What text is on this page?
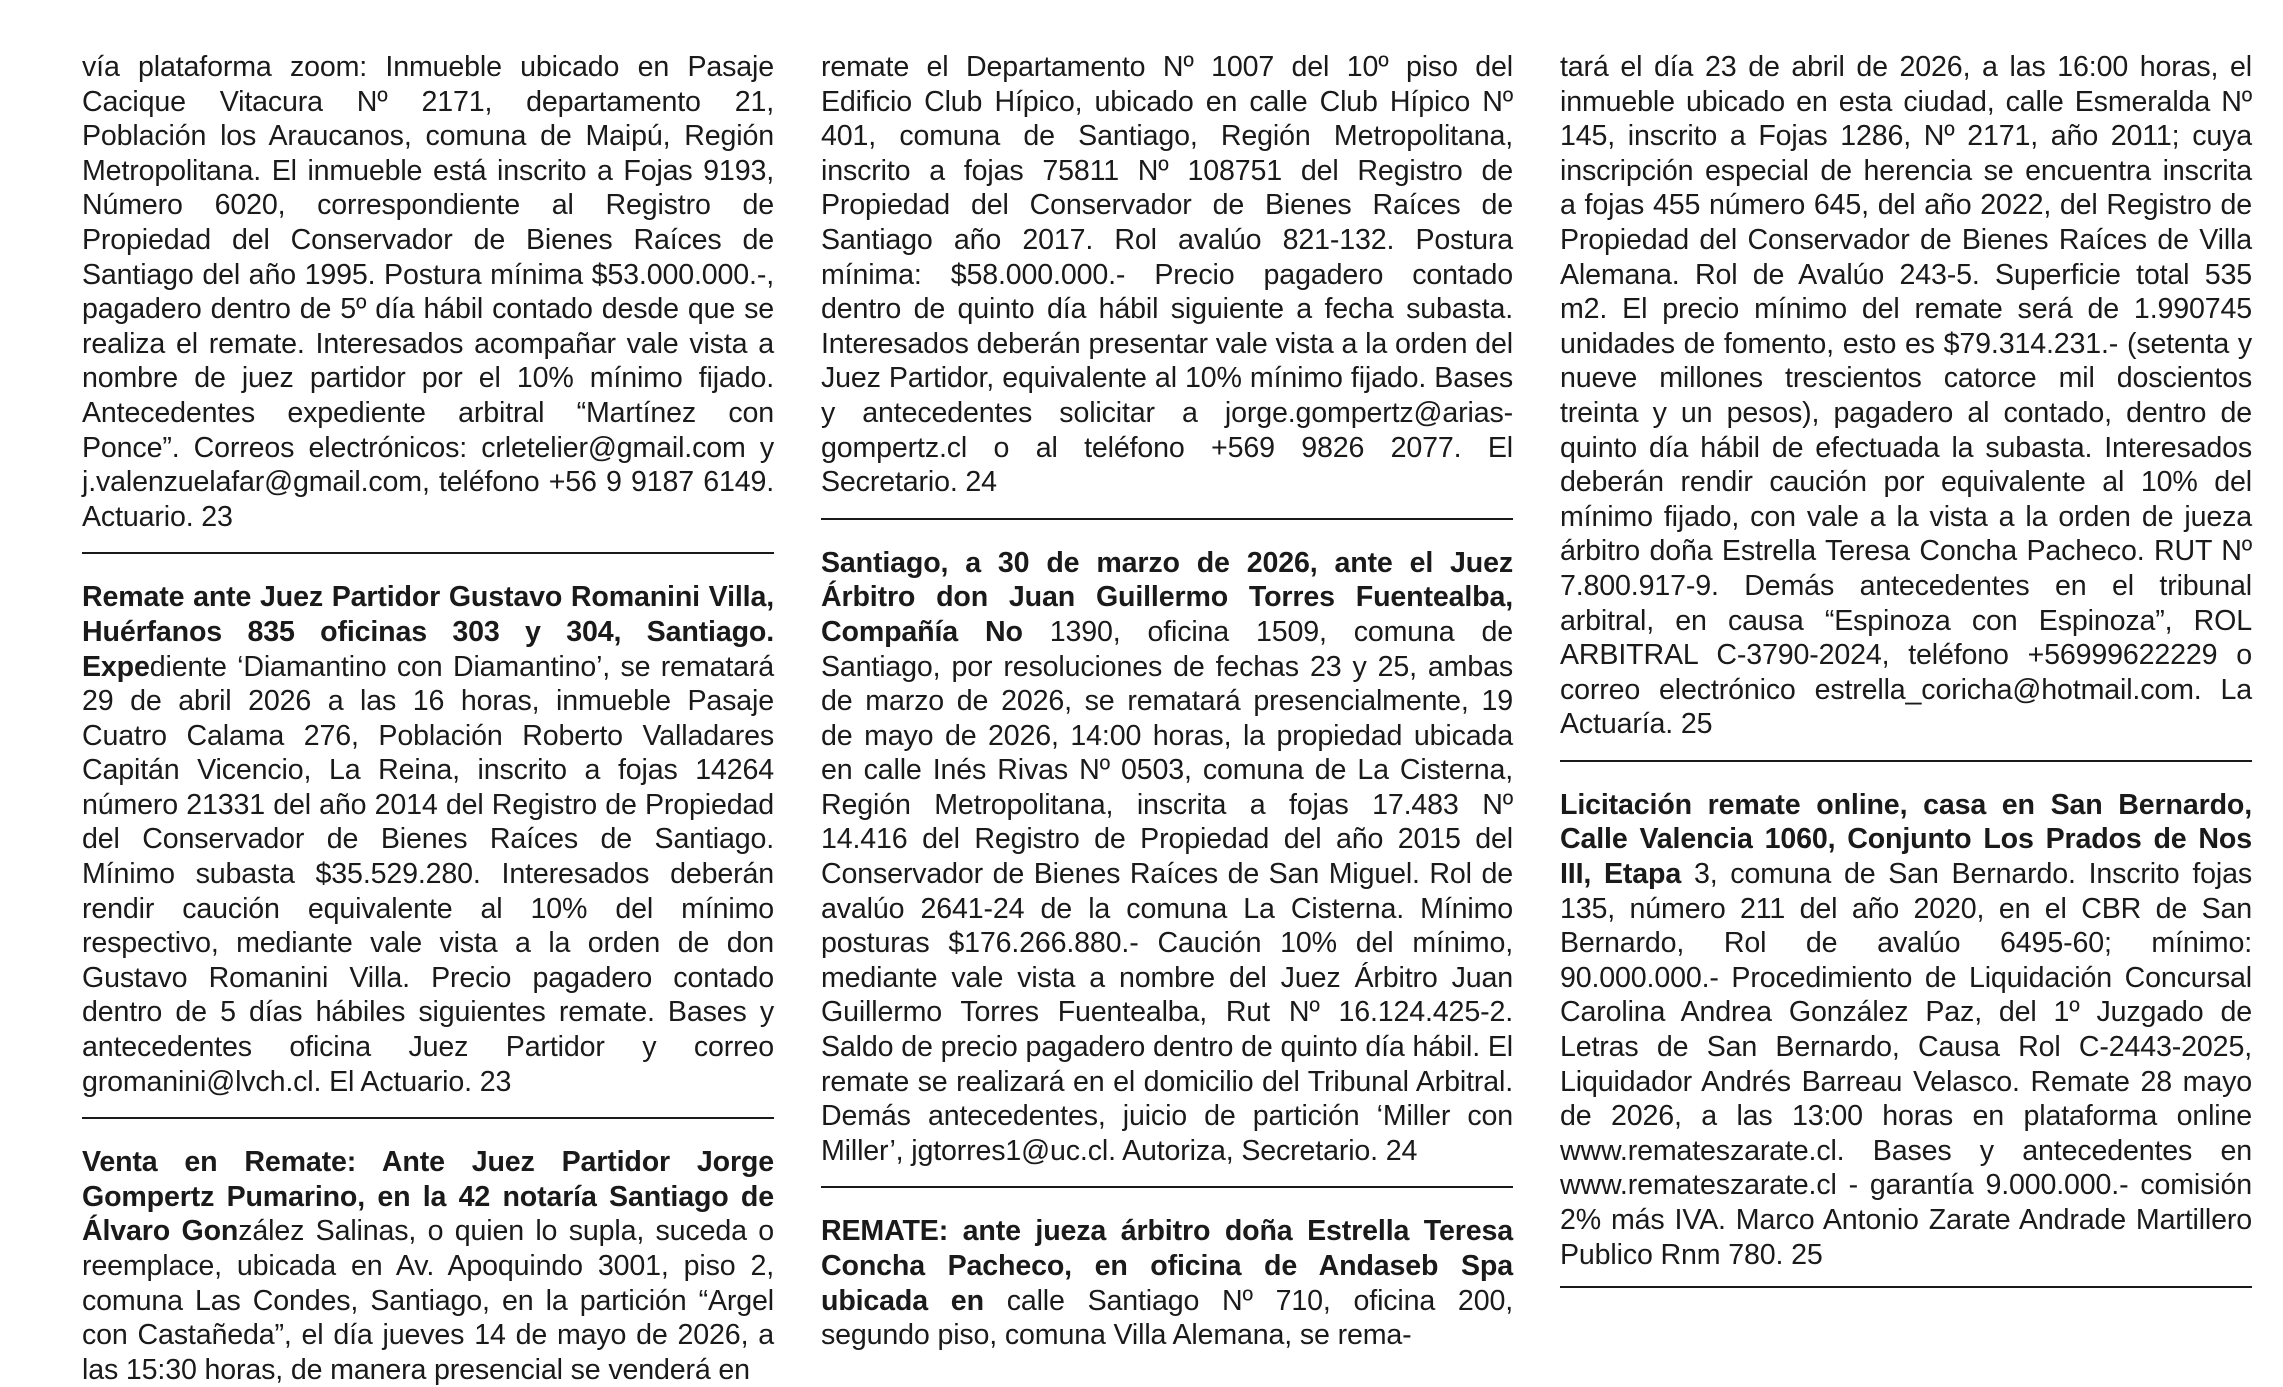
vía plataforma zoom: Inmueble ubicado en Pasaje Cacique Vitacura Nº 2171, departamento 21, Población los Araucanos, comuna de Maipú, Región Metropolitana. El inmueble está inscrito a Fojas 9193, Número 6020, correspondiente al Registro de Propiedad del Conservador de Bienes Raíces de Santiago del año 1995. Postura mínima $53.000.000.-, pagadero dentro de 5º día hábil contado desde que se realiza el remate. Interesados acompañar vale vista a nombre de juez partidor por el 10% mínimo fijado. Antecedentes expediente arbitral “Martínez con Ponce”. Correos electrónicos: crletelier@gmail.com y j.valenzuelafar@gmail.com, teléfono +56 9 9187 6149. Actuario. 23

Remate ante Juez Partidor Gustavo Romanini Villa, Huérfanos 835 oficinas 303 y 304, Santiago. Expediente ‘Diamantino con Diamantino’, se rematará 29 de abril 2026 a las 16 horas, inmueble Pasaje Cuatro Calama 276, Población Roberto Valladares Capitán Vicencio, La Reina, inscrito a fojas 14264 número 21331 del año 2014 del Registro de Propiedad del Conservador de Bienes Raíces de Santiago. Mínimo subasta $35.529.280. Interesados deberán rendir caución equivalente al 10% del mínimo respectivo, mediante vale vista a la orden de don Gustavo Romanini Villa. Precio pagadero contado dentro de 5 días hábiles siguientes remate. Bases y antecedentes oficina Juez Partidor y correo gromanini@lvch.cl. El Actuario. 23

Venta en Remate: Ante Juez Partidor Jorge Gompertz Pumarino, en la 42 notaría Santiago de Álvaro González Salinas, o quien lo supla, suceda o reemplace, ubicada en Av. Apoquindo 3001, piso 2, comuna Las Condes, Santiago, en la partición “Argel con Castañeda”, el día jueves 14 de mayo de 2026, a las 15:30 horas, de manera presencial se venderá en

remate el Departamento Nº 1007 del 10º piso del Edificio Club Hípico, ubicado en calle Club Hípico Nº 401, comuna de Santiago, Región Metropolitana, inscrito a fojas 75811 Nº 108751 del Registro de Propiedad del Conservador de Bienes Raíces de Santiago año 2017. Rol avalúo 821-132. Postura mínima: $58.000.000.- Precio pagadero contado dentro de quinto día hábil siguiente a fecha subasta. Interesados deberán presentar vale vista a la orden del Juez Partidor, equivalente al 10% mínimo fijado. Bases y antecedentes solicitar a jorge.gompertz@arias-gompertz.cl o al teléfono +569 9826 2077. El Secretario. 24

Santiago, a 30 de marzo de 2026, ante el Juez Árbitro don Juan Guillermo Torres Fuentealba, Compañía No 1390, oficina 1509, comuna de Santiago, por resoluciones de fechas 23 y 25, ambas de marzo de 2026, se rematará presencialmente, 19 de mayo de 2026, 14:00 horas, la propiedad ubicada en calle Inés Rivas Nº 0503, comuna de La Cisterna, Región Metropolitana, inscrita a fojas 17.483 Nº 14.416 del Registro de Propiedad del año 2015 del Conservador de Bienes Raíces de San Miguel. Rol de avalúo 2641-24 de la comuna La Cisterna. Mínimo posturas $176.266.880.- Caución 10% del mínimo, mediante vale vista a nombre del Juez Árbitro Juan Guillermo Torres Fuentealba, Rut Nº 16.124.425-2. Saldo de precio pagadero dentro de quinto día hábil. El remate se realizará en el domicilio del Tribunal Arbitral. Demás antecedentes, juicio de partición ‘Miller con Miller’, jgtorres1@uc.cl. Autoriza, Secretario. 24

REMATE: ante jueza árbitro doña Estrella Teresa Concha Pacheco, en oficina de Andaseb Spa ubicada en calle Santiago Nº 710, oficina 200, segundo piso, comuna Villa Alemana, se rema-

tará el día 23 de abril de 2026, a las 16:00 horas, el inmueble ubicado en esta ciudad, calle Esmeralda Nº 145, inscrito a Fojas 1286, Nº 2171, año 2011; cuya inscripción especial de herencia se encuentra inscrita a fojas 455 número 645, del año 2022, del Registro de Propiedad del Conservador de Bienes Raíces de Villa Alemana. Rol de Avalúo 243-5. Superficie total 535 m2. El precio mínimo del remate será de 1.990745 unidades de fomento, esto es $79.314.231.- (setenta y nueve millones trescientos catorce mil doscientos treinta y un pesos), pagadero al contado, dentro de quinto día hábil de efectuada la subasta. Interesados deberán rendir caución por equivalente al 10% del mínimo fijado, con vale a la vista a la orden de jueza árbitro doña Estrella Teresa Concha Pacheco. RUT Nº 7.800.917-9. Demás antecedentes en el tribunal arbitral, en causa “Espinoza con Espinoza”, ROL ARBITRAL C-3790-2024, teléfono +56999622229 o correo electrónico estrella_coricha@hotmail.com. La Actuaría. 25

Licitación remate online, casa en San Bernardo, Calle Valencia 1060, Conjunto Los Prados de Nos III, Etapa 3, comuna de San Bernardo. Inscrito fojas 135, número 211 del año 2020, en el CBR de San Bernardo, Rol de avalúo 6495-60; mínimo: 90.000.000.- Procedimiento de Liquidación Concursal Carolina Andrea González Paz, del 1º Juzgado de Letras de San Bernardo, Causa Rol C-2443-2025, Liquidador Andrés Barreau Velasco. Remate 28 mayo de 2026, a las 13:00 horas en plataforma online www.remateszarate.cl. Bases y antecedentes en www.remateszarate.cl - garantía 9.000.000.- comisión 2% más IVA. Marco Antonio Zarate Andrade Martillero Publico Rnm 780. 25
